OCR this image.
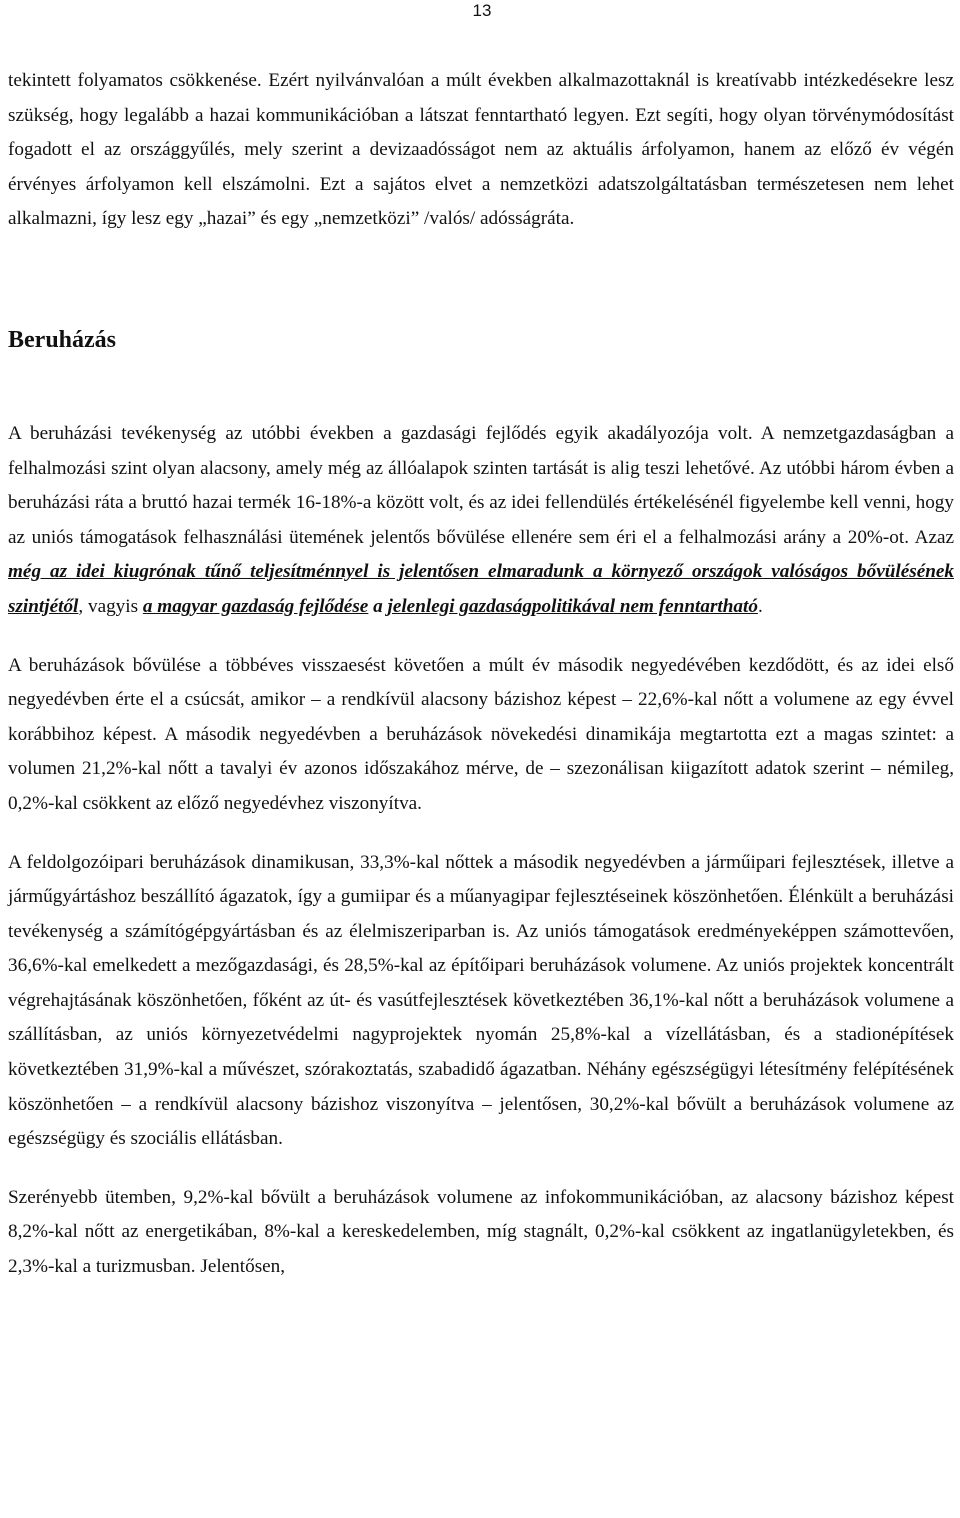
13

tekintett folyamatos csökkenése. Ezért nyilvánvalóan a múlt években alkalmazottaknál is kreatívabb intézkedésekre lesz szükség, hogy legalább a hazai kommunikációban a látszat fenntartható legyen. Ezt segíti, hogy olyan törvénymódosítást fogadott el az országgyűlés, mely szerint a devizaadósságot nem az aktuális árfolyamon, hanem az előző év végén érvényes árfolyamon kell elszámolni. Ezt a sajátos elvet a nemzetközi adatszolgáltatásban természetesen nem lehet alkalmazni, így lesz egy „hazai” és egy „nemzetközi” /valós/ adósságráta.

Beruházás

A beruházási tevékenység az utóbbi években a gazdasági fejlődés egyik akadályozója volt. A nemzetgazdaságban a felhalmozási szint olyan alacsony, amely még az állóalapok szinten tartását is alig teszi lehetővé. Az utóbbi három évben a beruházási ráta a bruttó hazai termék 16-18%-a között volt, és az idei fellendülés értékelésénél figyelembe kell venni, hogy az uniós támogatások felhasználási ütemének jelentős bővülése ellenére sem éri el a felhalmozási arány a 20%-ot. Azaz még az idei kiugrónak tűnő teljesítménnyel is jelentősen elmaradunk a környező országok valóságos bővülésének szintjétől, vagyis a magyar gazdaság fejlődése a jelenlegi gazdaságpolitikával nem fenntartható.

A beruházások bővülése a többéves visszaesést követően a múlt év második negyedévében kezdődött, és az idei első negyedévben érte el a csúcsát, amikor – a rendkívül alacsony bázishoz képest – 22,6%-kal nőtt a volumene az egy évvel korábbihoz képest. A második negyedévben a beruházások növekedési dinamikája megtartotta ezt a magas szintet: a volumen 21,2%-kal nőtt a tavalyi év azonos időszakához mérve, de – szezonálisan kiigazított adatok szerint – némileg, 0,2%-kal csökkent az előző negyedévhez viszonyítva.

A feldolgozóipari beruházások dinamikusan, 33,3%-kal nőttek a második negyedévben a járműipari fejlesztések, illetve a járműgyártáshoz beszállító ágazatok, így a gumiipar és a műanyagipar fejlesztéseinek köszönhetően. Élénkült a beruházási tevékenység a számítógépgyártásban és az élelmiszeriparban is. Az uniós támogatások eredményeképpen számottevően, 36,6%-kal emelkedett a mezőgazdasági, és 28,5%-kal az építőipari beruházások volumene. Az uniós projektek koncentrált végrehajtásának köszönhetően, főként az út- és vasútfejlesztések következtében 36,1%-kal nőtt a beruházások volumene a szállításban, az uniós környezetvédelmi nagyprojektek nyomán 25,8%-kal a vízellátásban, és a stadionépítések következtében 31,9%-kal a művészet, szórakoztatás, szabadidő ágazatban. Néhány egészségügyi létesítmény felépítésének köszönhetően – a rendkívül alacsony bázishoz viszonyítva – jelentősen, 30,2%-kal bővült a beruházások volumene az egészségügy és szociális ellátásban.

Szerényebb ütemben, 9,2%-kal bővült a beruházások volumene az infokommunikációban, az alacsony bázishoz képest 8,2%-kal nőtt az energetikában, 8%-kal a kereskedelemben, míg stagnált, 0,2%-kal csökkent az ingatlanügyletekben, és 2,3%-kal a turizmusban. Jelentősen,
